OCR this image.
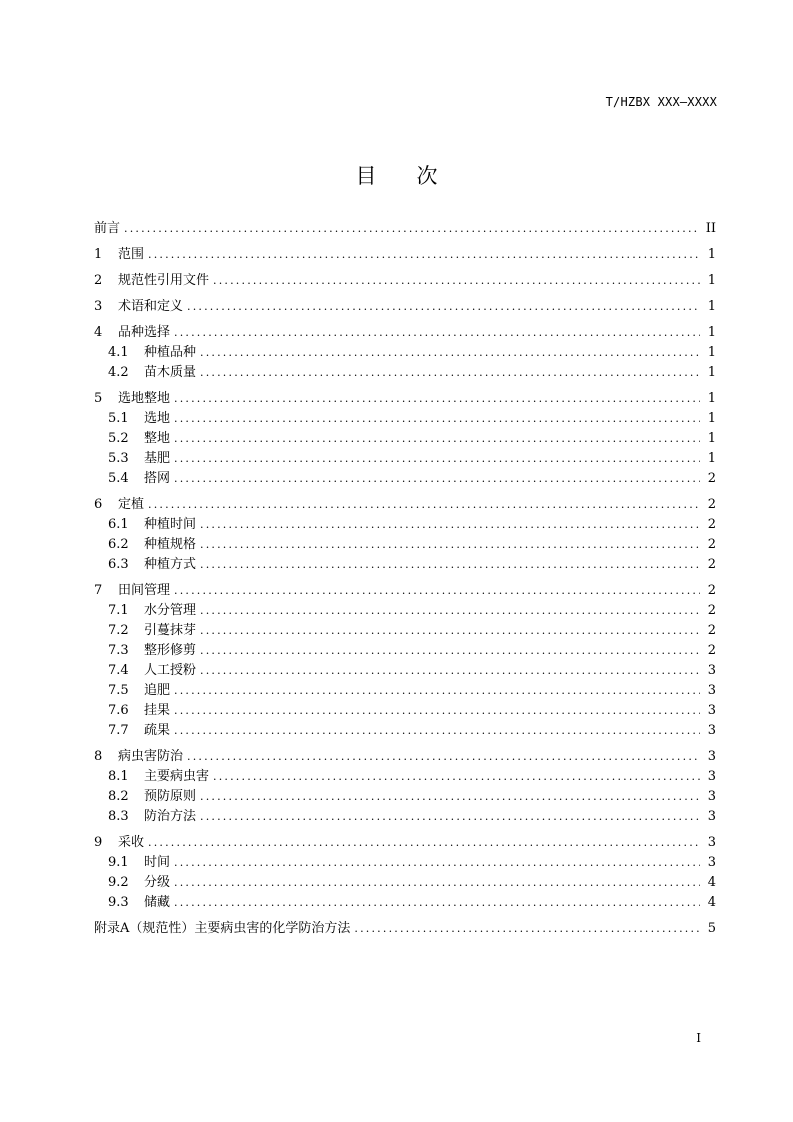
T/HZBX XXX—XXXX
目 次
前言 .....	II
1	范围 .....	1
2	规范性引用文件 .....	1
3	术语和定义 .....	1
4	品种选择 .....	1
4.1	种植品种 .....	1
4.2	苗木质量 .....	1
5	选地整地 .....	1
5.1	选地 .....	1
5.2	整地 .....	1
5.3	基肥 .....	1
5.4	搭网 .....	2
6	定植 .....	2
6.1	种植时间 .....	2
6.2	种植规格 .....	2
6.3	种植方式 .....	2
7	田间管理 .....	2
7.1	水分管理 .....	2
7.2	引蔓抹芽 .....	2
7.3	整形修剪 .....	2
7.4	人工授粉 .....	3
7.5	追肥 .....	3
7.6	挂果 .....	3
7.7	疏果 .....	3
8	病虫害防治 .....	3
8.1	主要病虫害 .....	3
8.2	预防原则 .....	3
8.3	防治方法 .....	3
9	采收 .....	3
9.1	时间 .....	3
9.2	分级 .....	4
9.3	储藏 .....	4
附录A（规范性）主要病虫害的化学防治方法 .....	5
I
